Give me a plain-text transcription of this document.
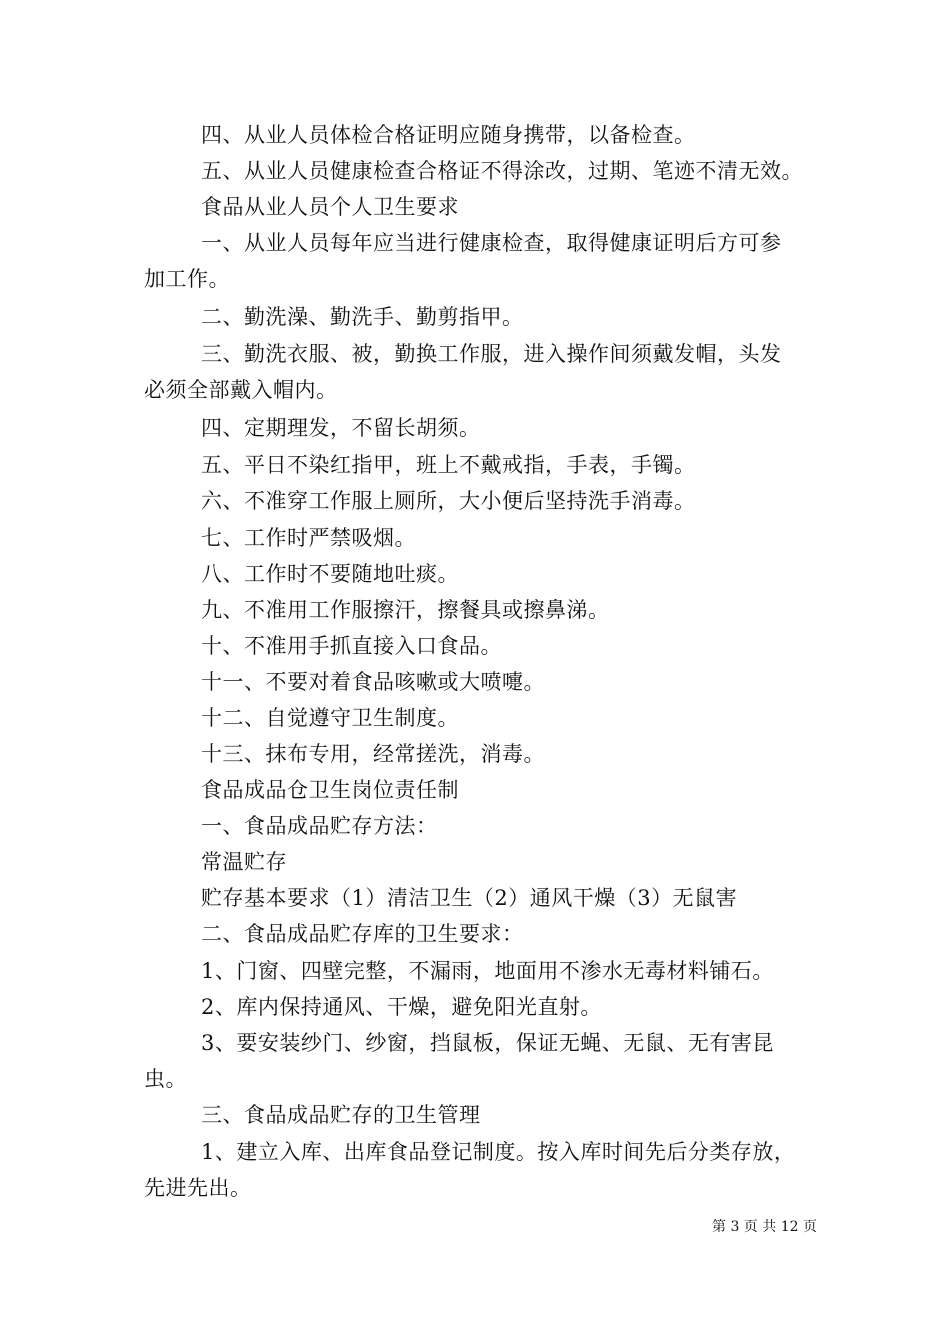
四、从业人员体检合格证明应随身携带，以备检查。
五、从业人员健康检查合格证不得涂改，过期、笔迹不清无效。
食品从业人员个人卫生要求
一、从业人员每年应当进行健康检查，取得健康证明后方可参
加工作。
二、勤洗澡、勤洗手、勤剪指甲。
三、勤洗衣服、被，勤换工作服，进入操作间须戴发帽，头发
必须全部戴入帽内。
四、定期理发，不留长胡须。
五、平日不染红指甲，班上不戴戒指，手表，手镯。
六、不准穿工作服上厕所，大小便后坚持洗手消毒。
七、工作时严禁吸烟。
八、工作时不要随地吐痰。
九、不准用工作服擦汗，擦餐具或擦鼻涕。
十、不准用手抓直接入口食品。
十一、不要对着食品咳嗽或大喷嚏。
十二、自觉遵守卫生制度。
十三、抹布专用，经常搓洗，消毒。
食品成品仓卫生岗位责任制
一、食品成品贮存方法：
常温贮存
贮存基本要求（1）清洁卫生（2）通风干燥（3）无鼠害
二、食品成品贮存库的卫生要求：
1、门窗、四壁完整，不漏雨，地面用不渗水无毒材料铺石。
2、库内保持通风、干燥，避免阳光直射。
3、要安装纱门、纱窗，挡鼠板，保证无蝇、无鼠、无有害昆
虫。
三、食品成品贮存的卫生管理
1、建立入库、出库食品登记制度。按入库时间先后分类存放，
先进先出。
第 3 页 共 12 页
